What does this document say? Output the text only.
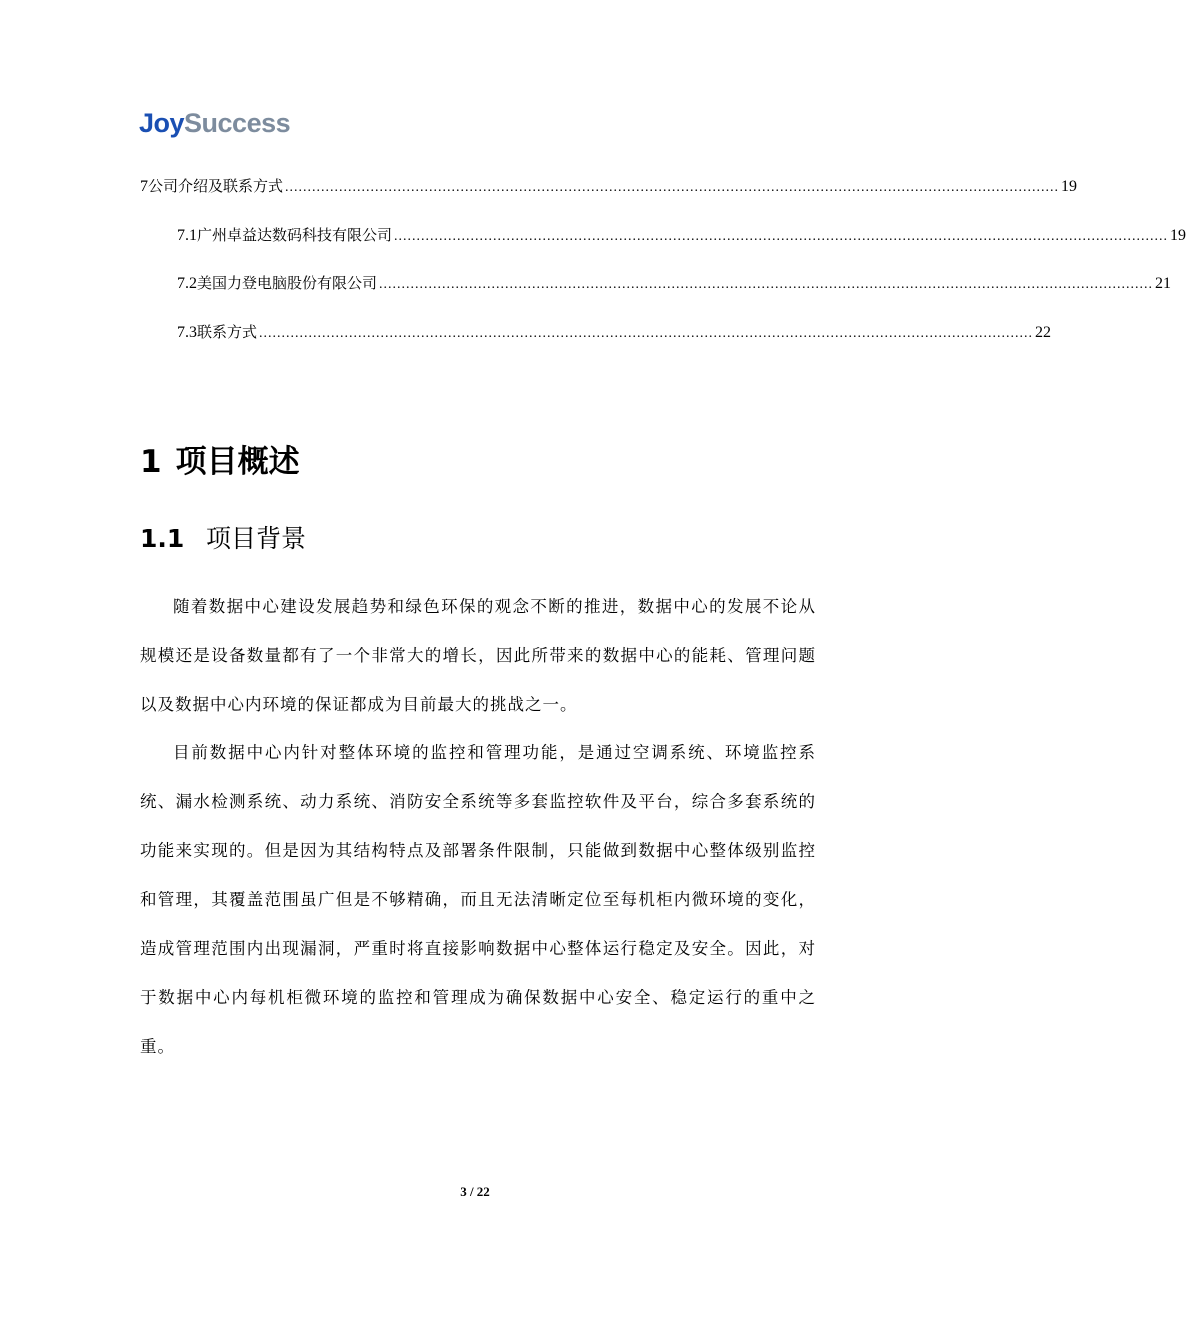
JoySuccess
7 公司介绍及联系方式 ............................................................................................................................................................................ 19
7.1 广州卓益达数码科技有限公司 ............................................................................................................................................................................ 19
7.2 美国力登电脑股份有限公司 ............................................................................................................................................................................ 21
7.3 联系方式 ............................................................................................................................................................................ 22
1 项目概述
1.1 项目背景

随着数据中心建设发展趋势和绿色环保的观念不断的推进，数据中心的发展不论从规模还是设备数量都有了一个非常大的增长，因此所带来的数据中心的能耗、管理问题以及数据中心内环境的保证都成为目前最大的挑战之一。

目前数据中心内针对整体环境的监控和管理功能，是通过空调系统、环境监控系统、漏水检测系统、动力系统、消防安全系统等多套监控软件及平台，综合多套系统的功能来实现的。但是因为其结构特点及部署条件限制，只能做到数据中心整体级别监控和管理，其覆盖范围虽广但是不够精确，而且无法清晰定位至每机柜内微环境的变化，造成管理范围内出现漏洞，严重时将直接影响数据中心整体运行稳定及安全。因此，对于数据中心内每机柜微环境的监控和管理成为确保数据中心安全、稳定运行的重中之重。

3 / 22
